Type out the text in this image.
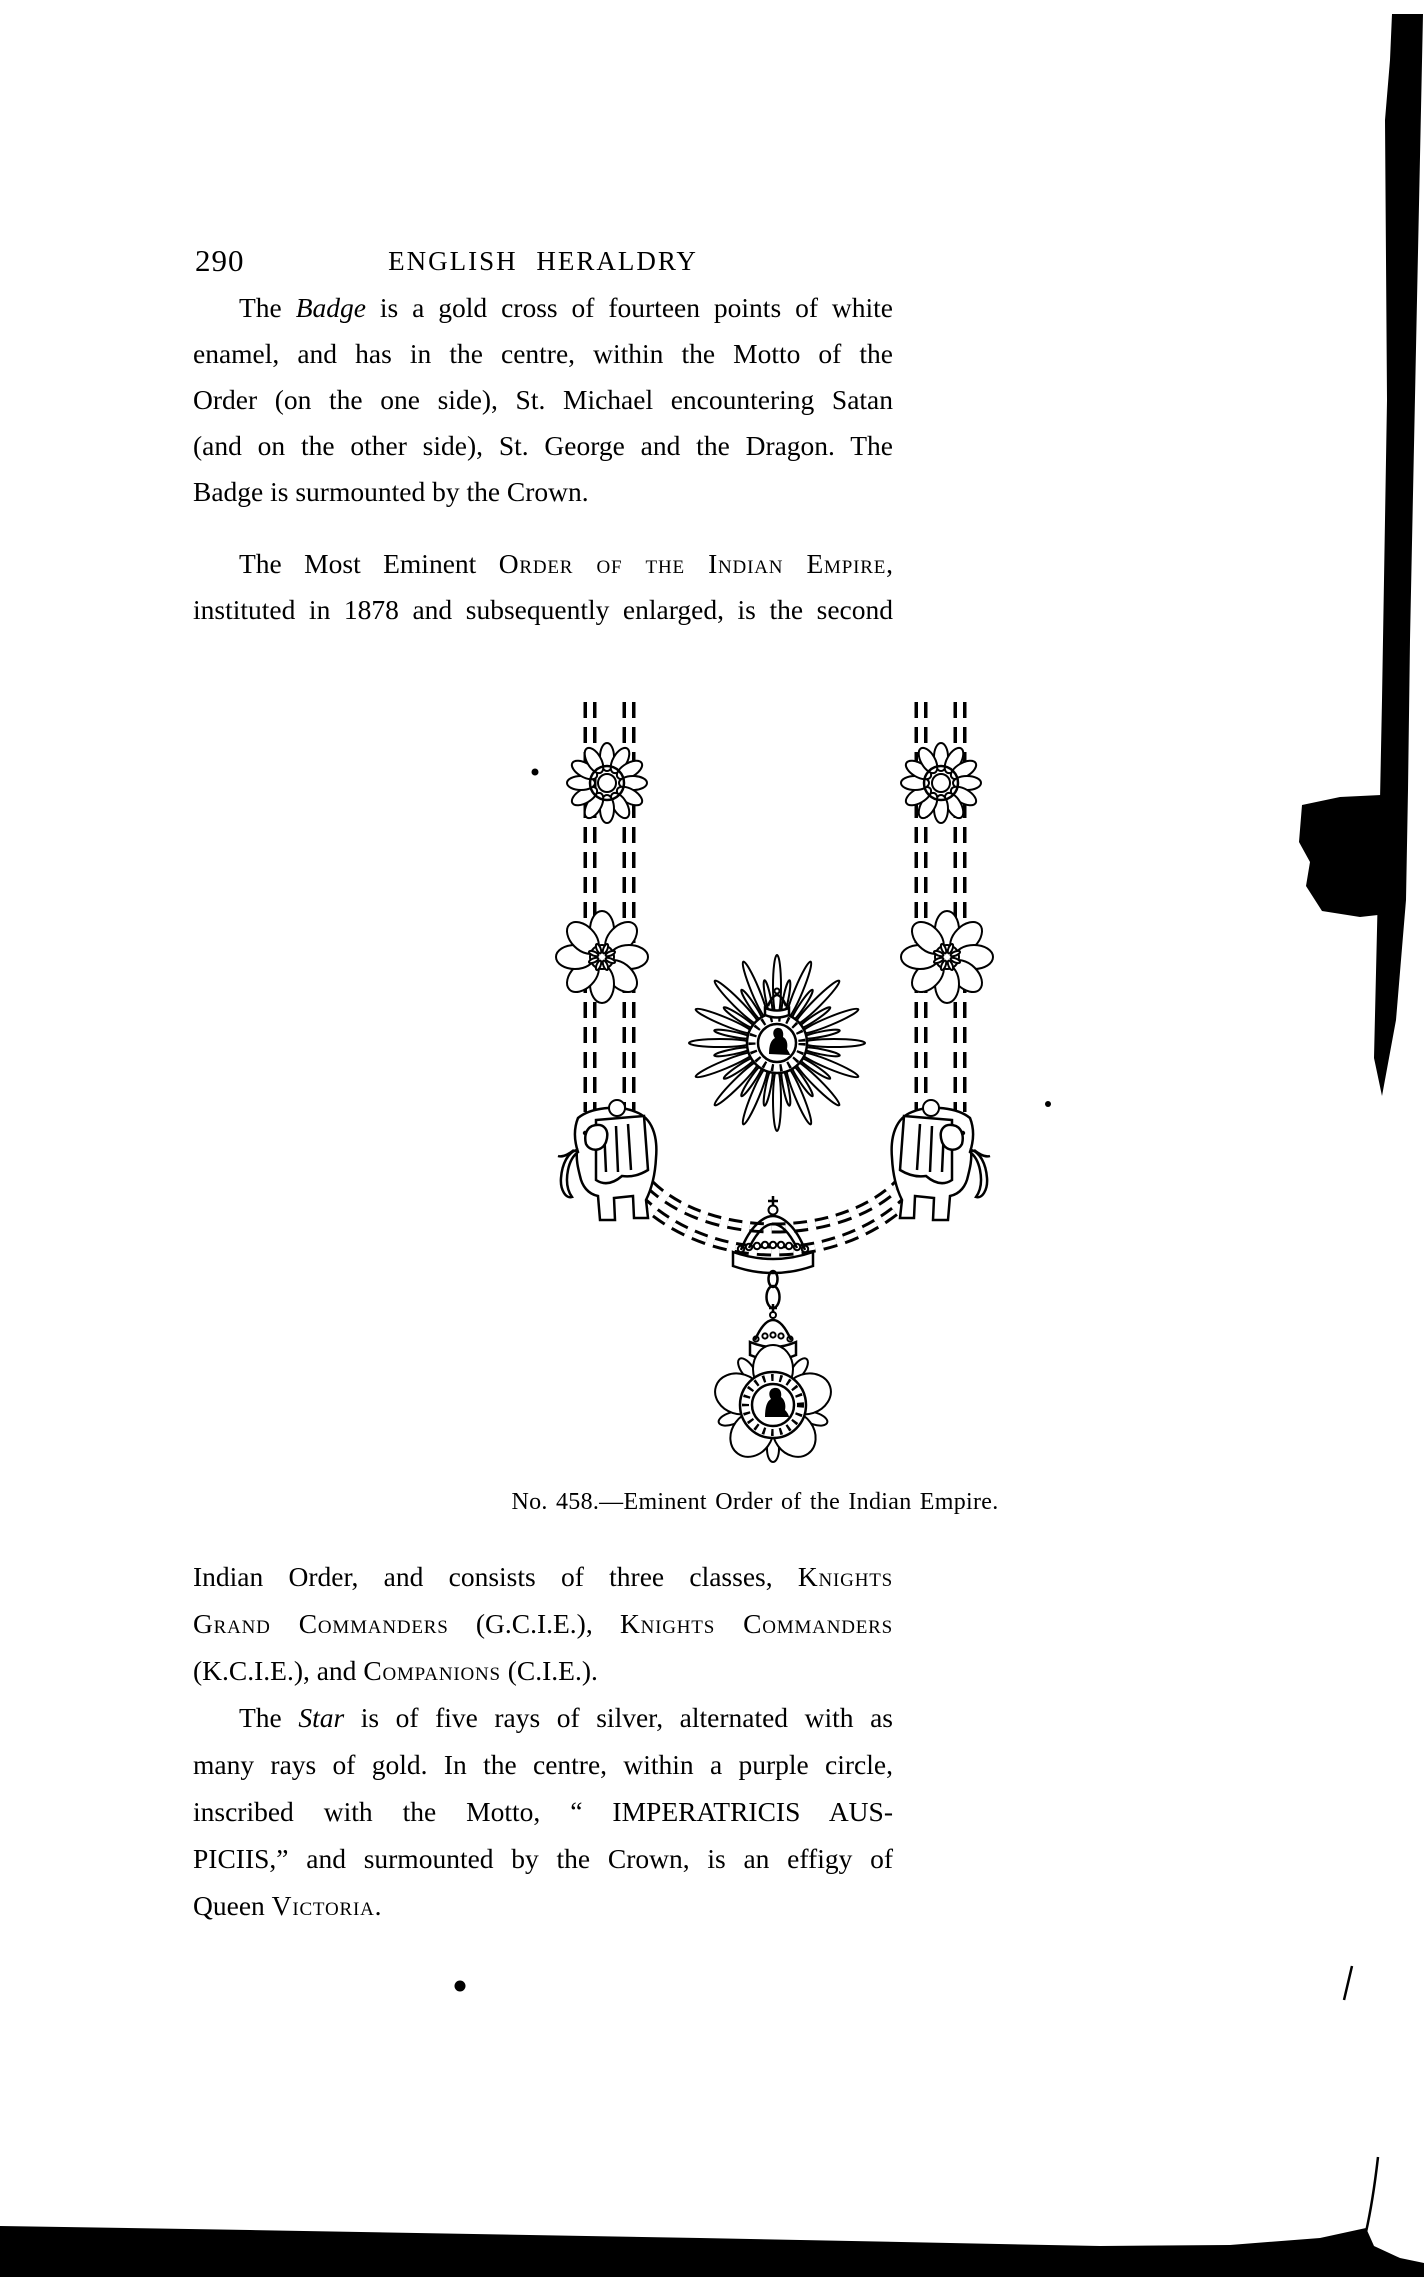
290	ENGLISH HERALDRY
The Badge is a gold cross of fourteen points of white
enamel, and has in the centre, within the Motto of the
Order (on the one side), St. Michael encountering Satan
(and on the other side), St. George and the Dragon. The
Badge is surmounted by the Crown.
The Most Eminent Order of the Indian Empire,
instituted in 1878 and subsequently enlarged, is the second
No. 458.—Eminent Order of the Indian Empire.
Indian Order, and consists of three classes, Knights
Grand Commanders (G.C.I.E.), Knights Commanders
(K.C.I.E.), and Companions (C.I.E.).
The Star is of five rays of silver, alternated with as
many rays of gold. In the centre, within a purple circle,
inscribed with the Motto, “ IMPERATRICIS AUS-
PICIIS,” and surmounted by the Crown, is an effigy of
Queen Victoria.
